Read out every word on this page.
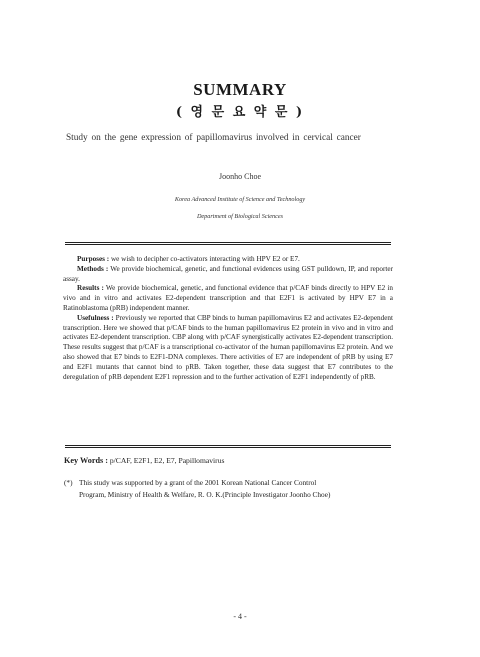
SUMMARY
( 영 문 요 약 문 )
Study on the gene expression of papillomavirus involved in cervical cancer
Joonho Choe
Korea Advanced Institute of Science and Technology
Department of Biological Sciences

Purposes : we wish to decipher co-activators interacting with HPV E2 or E7.

Methods : We provide biochemical, genetic, and functional evidences using GST pulldown, IP, and reporter assay.

Results : We provide biochemical, genetic, and functional evidence that p/CAF binds directly to HPV E2 in vivo and in vitro and activates E2-dependent transcription and that E2F1 is activated by HPV E7 in a Ratinoblastoma (pRB) independent manner.

Usefulness : Previously we reported that CBP binds to human papillomavirus E2 and activates E2-dependent transcription. Here we showed that p/CAF binds to the human papillomavirus E2 protein in vivo and in vitro and activates E2-dependent transcription. CBP along with p/CAF synergistically activates E2-dependent transcription. These results suggest that p/CAF is a transcriptional co-activator of the human papillomavirus E2 protein. And we also showed that E7 binds to E2F1-DNA complexes. There activities of E7 are independent of pRB by using E7 and E2F1 mutants that cannot bind to pRB. Taken together, these data suggest that E7 contributes to the deregulation of pRB dependent E2F1 repression and to the further activation of E2F1 independently of pRB.

Key Words : p/CAF, E2F1, E2, E7, Papillomavirus
(*) This study was supported by a grant of the 2001 Korean National Cancer Control
Program, Ministry of Health & Welfare, R. O. K.(Principle Investigator Joonho Choe)
- 4 -
